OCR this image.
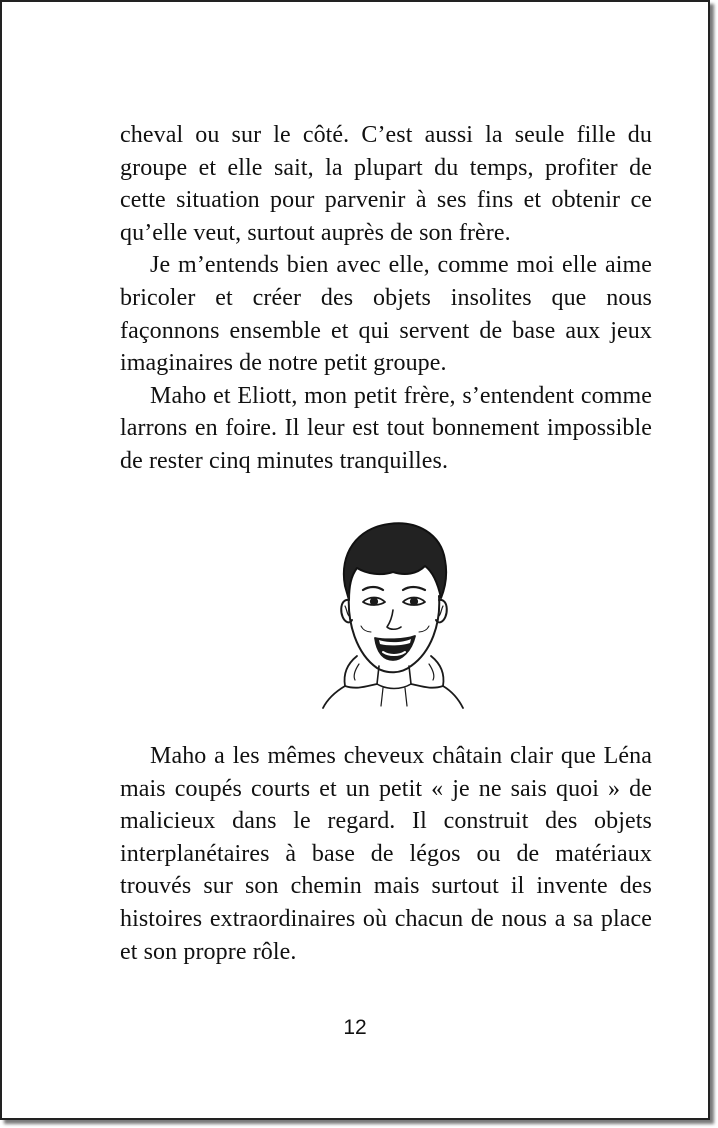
cheval ou sur le côté. C’est aussi la seule fille du groupe et elle sait, la plupart du temps, profiter de cette situation pour parvenir à ses fins et obtenir ce qu’elle veut, surtout auprès de son frère.

Je m’entends bien avec elle, comme moi elle aime bricoler et créer des objets insolites que nous façonnons ensemble et qui servent de base aux jeux imaginaires de notre petit groupe.

Maho et Eliott, mon petit frère, s’entendent comme larrons en foire. Il leur est tout bonnement impossible de rester cinq minutes tranquilles.

Maho a les mêmes cheveux châtain clair que Léna mais coupés courts et un petit « je ne sais quoi » de malicieux dans le regard. Il construit des objets interplanétaires à base de légos ou de matériaux trouvés sur son chemin mais surtout il invente des histoires extraordinaires où chacun de nous a sa place et son propre rôle.

12
